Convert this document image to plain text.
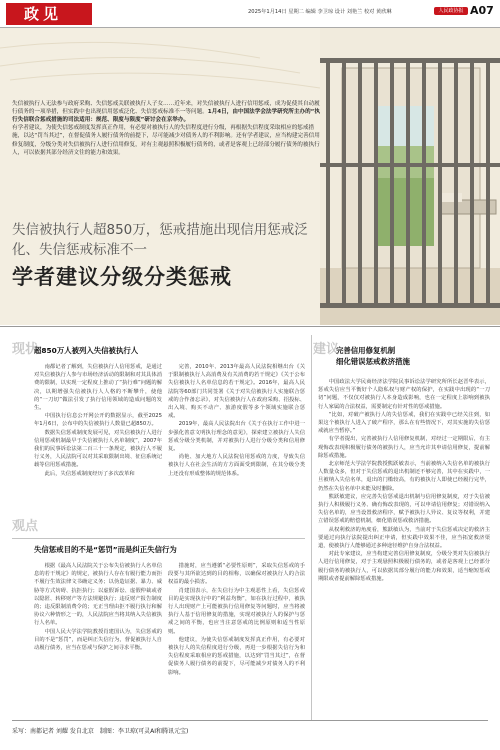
政见	2025年1月14日 星期二 编辑 李卫琼 设计 刘艳兰 校对 黄欣琳	人民政协报 A07
失信被执行人无法参与政府采购、失信惩戒关联被执行人子女……近年来，对失信被执行人进行信用惩戒，成为促使其自动履行债务的一项举措，但实践中也出现信用惩戒泛化、失信惩戒标准不一等问题。1月4日，由中国法学会法学研究所主办的“执行失信联合惩戒措施的司法适用：规范、限度与限度”研讨会在京举办。
有学者建议，为使失信惩戒制度发挥真正作用，有必要对被执行人的失信程度进行分级，再根据失信程度采取相应的惩戒措施，以达“罚当其过”，在督促债务人履行债务的前提下，尽可能减少对债务人的不利影响。还有学者建议，应当构建完善信用修复制度，分级分类对失信被执行人进行信用修复，对有主观悬照积极履行债务的，或者是客观上已经部分履行债务的被执行人，可以依据其部分经济文往的能力和效果。
失信被执行人超850万，惩戒措施出现信用惩戒泛化、失信惩戒标准不一
学者建议分级分类惩戒
现状
观点
建议
超850万人被列入失信被执行人

南都记者了解到，失信被执行人信用惩戒，是通过对失信被执行人参与市场经济活动的限制和对其具体消费的限制，以实现一定程度上推动了“执行难”问题的解决，以期增强失信被执行人人格的不断攀升，使他的“一刀切”做法引发了执行信用领域的造成问题的发生。

中国执行信息公开网公开的数据显示，截至2025年1月6日，公布中的失信被执行人数量已超850万。

数据失信惩戒制度发展可见，对失信被执行人进行信用惩戒机制最早于失信被执行人名单制度”，2007年我们的民事诉讼法第二百三十一条规定，被执行人不履行义务，人民法院可以对其采取限制出境、征信系统记载等信用惩戒措施。

此后，失信惩戒制度经历了多次改革和

完善，2010年、2013年最高人民法院相继出台《关于限制被执行人高消费及有关消费的若干规定》《关于公布失信被执行人名单信息的若干规定》。2016年，最高人民法院等60部门共同签署《关于对失信被执行人实施联合惩戒的合作备忘录》，对失信被执行人在政府采购、招投标、出入境、购买不动产、旅游度假等多个领域实施联合惩戒。

2019年，最高人民法院出台《关于在执行工作中进一步强化善意文明执行理念的意见》，探索建立被执行人失信惩戒分级分类机制，并对被执行人进行分级分类和信用修复。

尚艳、加大地方人民法院信用惩戒的力度，导致失信被执行人在社会生活的方方面面受到限制，在其分级分类上还没有形成整体的规范体系。

失信惩戒目的不是“惩罚”而是纠正失信行为

根据《最高人民法院关于公布失信被执行人名单信息的若干规定》的规定，被执行人存在有履行能力而拒不履行生效法律文书确定义务；以伪造证据、暴力、威胁等方式妨碍、抗拒执行；以虚假诉讼、虚假仲裁或者以隐匿、转移财产等方法规避执行；违反财产报告制度的；违反限制消费令的；无正当理由拒不履行执行和解协议六种情形之一的，人民法院应当将其纳入失信被执行人名单。

中国人民大学法学院教授肖建国认为，失信惩戒的目的不是“惩罚”，而是纠正失信行为，督促被执行人自动履行债务，应当在惩戒与保护之间寻求平衡。

措施时，应当遵循“必要性原则”，采取失信惩戒的手段要与其所欲达到的目的相称，以确保对被执行人的合法权益的最小损害。

肖建国表示，在失信行为中主观恶性上看，失信惩戒目的是实现执行中的“利益均衡”，如在执行过程中，被执行人出现财产上可能被执行信用修复等问题时，应当将被执行人基于信用修复的措施，实现对被执行人的保护与惩戒之间的平衡，也应当注意惩戒的比例原则和适当性原则。

他建议，为使失信惩戒制度发挥真正作用，有必要对被执行人的失信程度进行分级，再进一步根据失信行为和失信程度采取相应的惩戒措施，以达到“罚当其过”，在督促债务人履行债务的前提下，尽可能减少对债务人的不利影响。

完善信用修复机制
细化错误惩戒救济措施

中国政法大学民商经济法学院民事诉讼法学研究所所长赵晋华表示，惩戒失信应当平衡好个人隐私权与财产权的保护，在实践中出现的“一刀切”问题，不仅仅对被执行人本身造成影响，也在一定程度上影响到被执行人家属的合法权益，需要制定有针对性的惩戒措施。

“比如，对破产被执行人的失信惩戒，我们在实践中已经关注到，如果这个被执行人进入了破产程序，那么在有些情况下，对其实施的失信惩戒就应当暂停。”

有学者提出，完善被执行人信用修复机制，对经过一定期限后，有主观悔改表现积极履行债务的被执行人，应当允许其申请信用修复，提前解除惩戒措施。

北京师范大学法学院教授熊跃敏表示，当前被纳入失信名单的被执行人数量众多，但对于失信惩戒的退出机制还不够完善，其中在实践中，一旦被纳入失信名单，退出的门槛较高，有的被执行人即使已经履行完毕，仍然在失信名单中未能及时删除。

熊跃敏建议，应完善失信惩戒退出机制与信用修复制度，对于失信被执行人积极履行义务、确有悔改表现的，可以申请信用修复；对错误纳入失信名单的，应当设置救济程序，赋予被执行人异议、复议等权利，并建立错误惩戒的赔偿机制，细化错误惩戒救济措施。

从权利救济的角度看，熊跃敏认为，当前对于失信惩戒决定的救济主要通过向执行法院提出纠正申请，但实践中效果不佳，应当拓宽救济渠道，使被执行人能够通过多种途径维护自身合法权益。

对此专家建议，应当构建完善信用修复制度，分级分类对失信被执行人进行信用修复，对于主观悬照积极履行债务的，或者是客观上已经部分履行债务的被执行人，可以依据其部分履行的能力和效果，适当缩短惩戒期限或者提前解除惩戒措施。

采写：南都记者 刘耀 发自北京　制图：李卫琼(可灵AI和腾讯元宝)
